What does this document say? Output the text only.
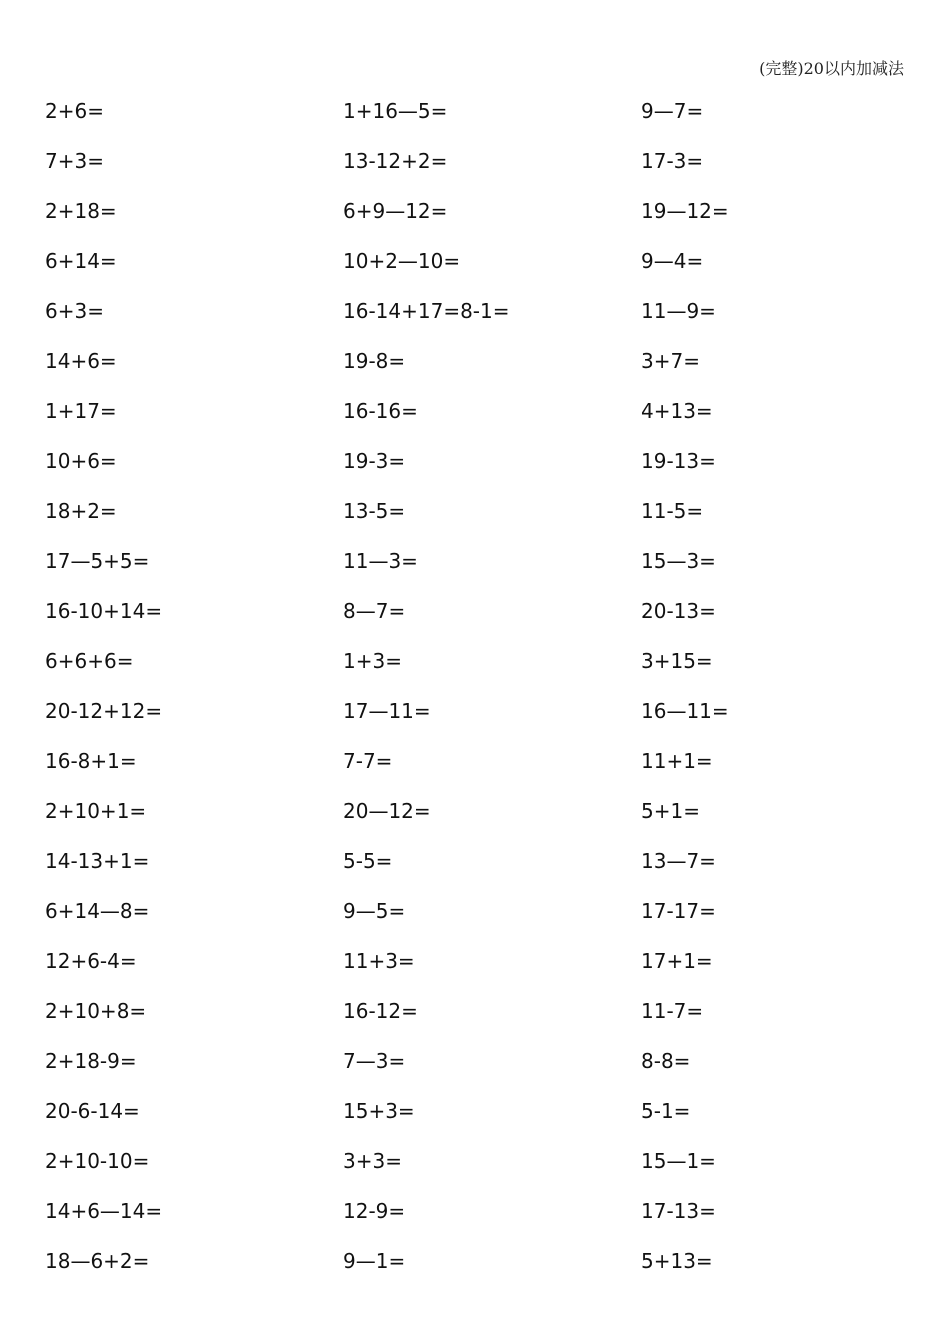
(完整)20以内加减法
2+6=
7+3=
2+18=
6+14=
6+3=
14+6=
1+17=
10+6=
18+2=
17—5+5=
16-10+14=
6+6+6=
20-12+12=
16-8+1=
2+10+1=
14-13+1=
6+14—8=
12+6-4=
2+10+8=
2+18-9=
20-6-14=
2+10-10=
14+6—14=
18—6+2=
1+16—5=
13-12+2=
6+9—12=
10+2—10=
16-14+17=8-1=
19-8=
16-16=
19-3=
13-5=
11—3=
8—7=
1+3=
17—11=
7-7=
20—12=
5-5=
9—5=
11+3=
16-12=
7—3=
15+3=
3+3=
12-9=
9—1=
9—7=
17-3=
19—12=
9—4=
11—9=
3+7=
4+13=
19-13=
11-5=
15—3=
20-13=
3+15=
16—11=
11+1=
5+1=
13—7=
17-17=
17+1=
11-7=
8-8=
5-1=
15—1=
17-13=
5+13=
